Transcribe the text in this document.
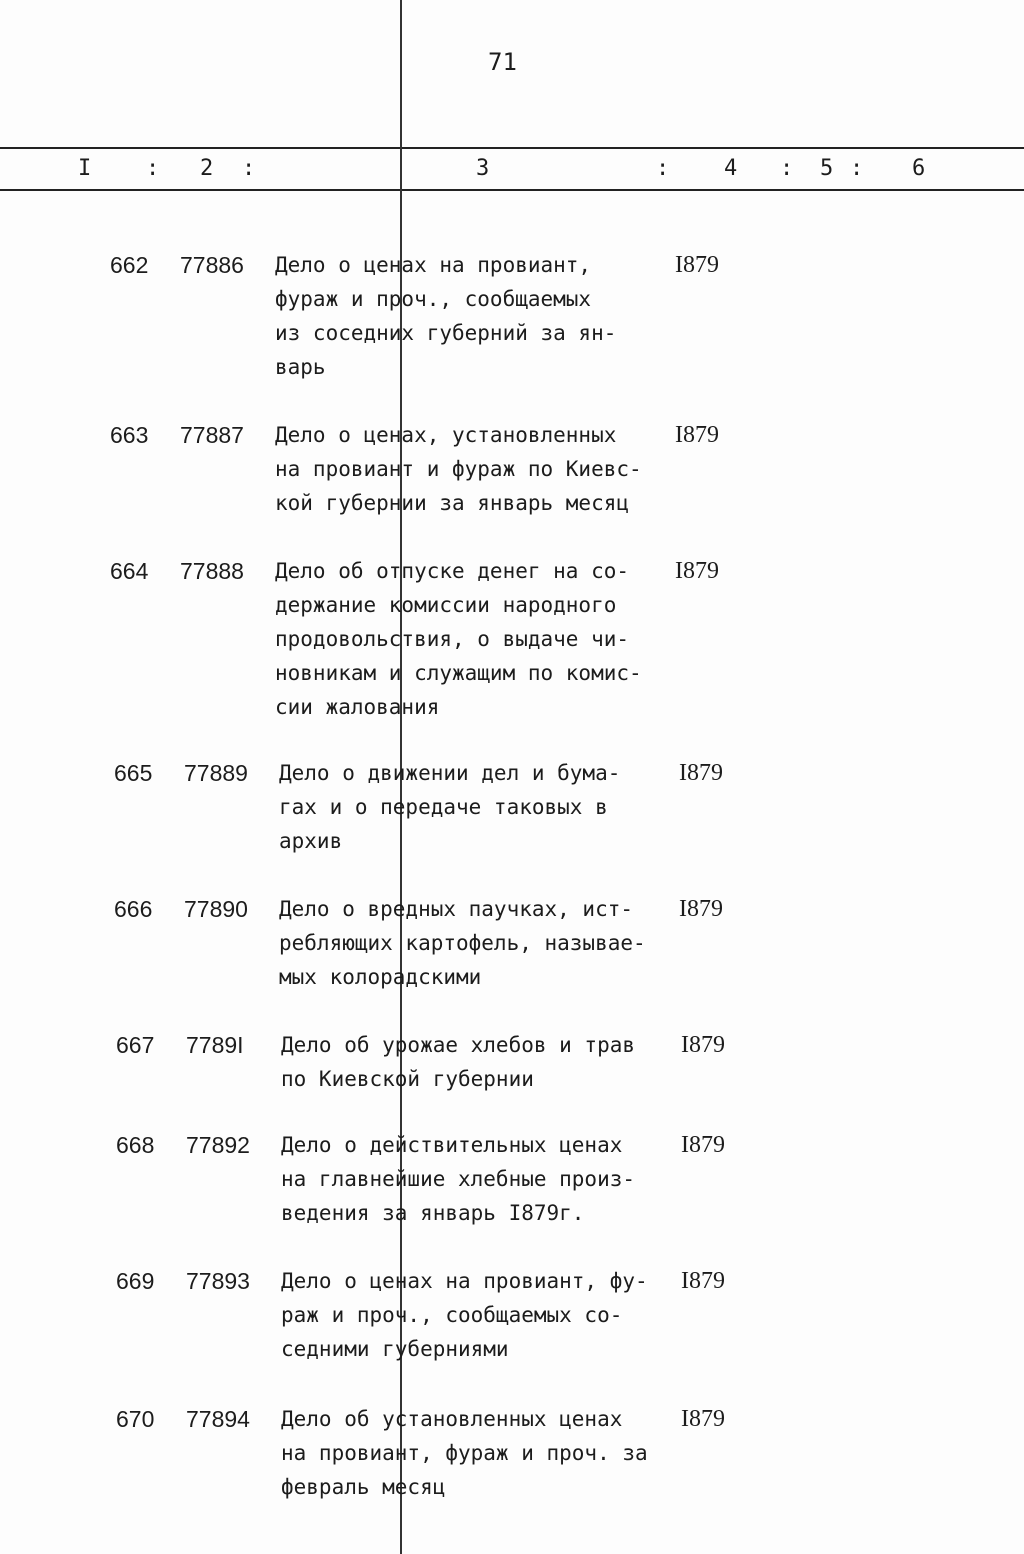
71
I : 2 :	3	: 4 : 5 : 6
662 77886 Дело о ценах на провиант,
фураж и проч., сообщаемых
из соседних губерний за ян-
варь
I879
663 77887 Дело о ценах, установленных
на провиант и фураж по Киевс-
кой губернии за январь месяц
I879
664 77888 Дело об отпуске денег на со-
держание комиссии народного
продовольствия, о выдаче чи-
новникам и служащим по комис-
сии жалования
I879
665 77889 Дело о движении дел и бума-
гах и о передаче таковых в
архив
I879
666 77890 Дело о вредных паучках, ист-
ребляющих картофель, называе-
мых колорадскими
I879
667 7789I Дело об урожае хлебов и трав
по Киевской губернии
I879
668 77892 Дело о действительных ценах
на главнейшие хлебные произ-
ведения за январь I879г.
I879
669 77893 Дело о ценах на провиант, фу-
раж и проч., сообщаемых со-
седними губерниями
I879
670 77894 Дело об установленных ценах
на провиант, фураж и проч. за
февраль месяц
I879
